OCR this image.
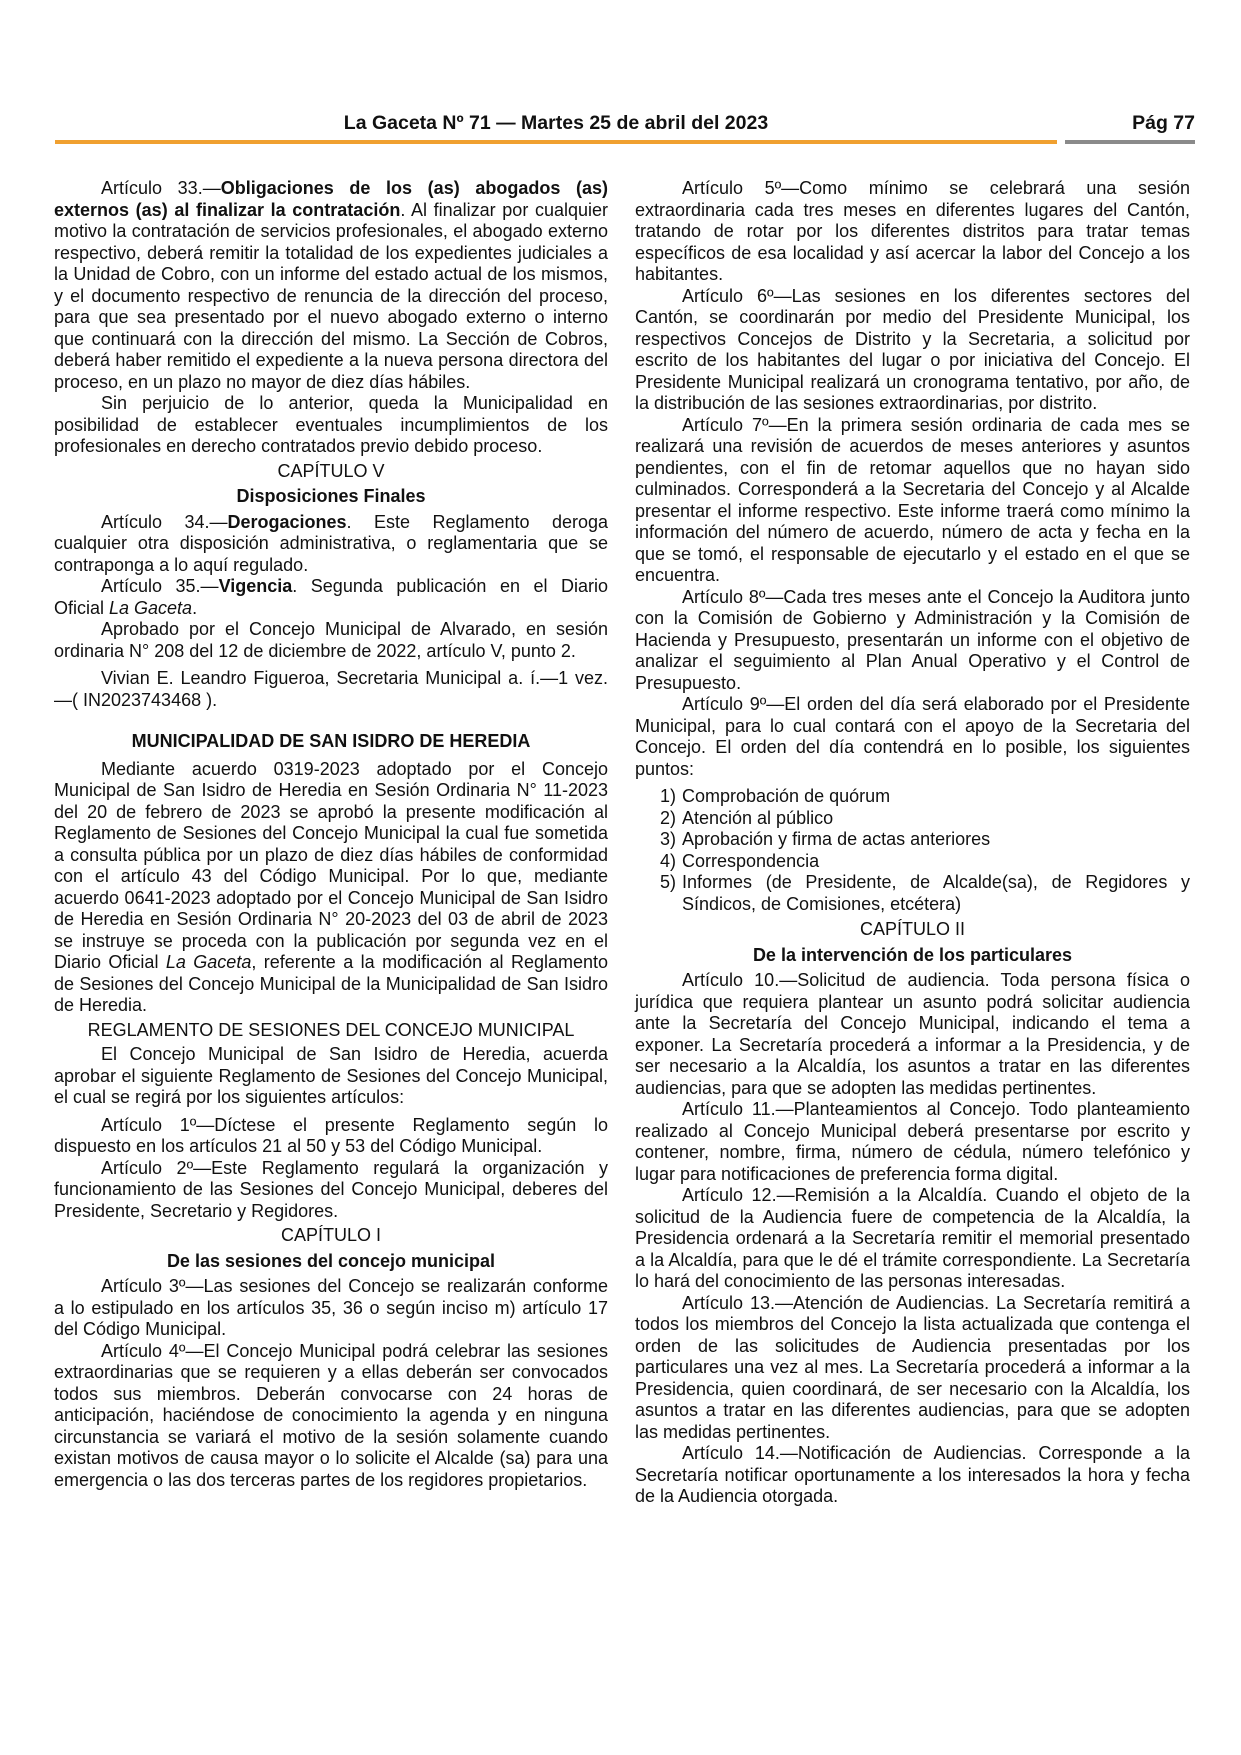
La Gaceta Nº 71 — Martes 25 de abril del 2023	Pág 77

Artículo 33.—Obligaciones de los (as) abogados (as) externos (as) al finalizar la contratación. Al finalizar por cualquier motivo la contratación de servicios profesionales, el abogado externo respectivo, deberá remitir la totalidad de los expedientes judiciales a la Unidad de Cobro, con un informe del estado actual de los mismos, y el documento respectivo de renuncia de la dirección del proceso, para que sea presentado por el nuevo abogado externo o interno que continuará con la dirección del mismo. La Sección de Cobros, deberá haber remitido el expediente a la nueva persona directora del proceso, en un plazo no mayor de diez días hábiles.

Sin perjuicio de lo anterior, queda la Municipalidad en posibilidad de establecer eventuales incumplimientos de los profesionales en derecho contratados previo debido proceso.

CAPÍTULO V

Disposiciones Finales

Artículo 34.—Derogaciones. Este Reglamento deroga cualquier otra disposición administrativa, o reglamentaria que se contraponga a lo aquí regulado.

Artículo 35.—Vigencia. Segunda publicación en el Diario Oficial La Gaceta.

Aprobado por el Concejo Municipal de Alvarado, en sesión ordinaria N° 208 del 12 de diciembre de 2022, artículo V, punto 2.

Vivian E. Leandro Figueroa, Secretaria Municipal a. í.—1 vez.—( IN2023743468 ).

MUNICIPALIDAD DE SAN ISIDRO DE HEREDIA

Mediante acuerdo 0319-2023 adoptado por el Concejo Municipal de San Isidro de Heredia en Sesión Ordinaria N° 11-2023 del 20 de febrero de 2023 se aprobó la presente modificación al Reglamento de Sesiones del Concejo Municipal la cual fue sometida a consulta pública por un plazo de diez días hábiles de conformidad con el artículo 43 del Código Municipal. Por lo que, mediante acuerdo 0641-2023 adoptado por el Concejo Municipal de San Isidro de Heredia en Sesión Ordinaria N° 20-2023 del 03 de abril de 2023 se instruye se proceda con la publicación por segunda vez en el Diario Oficial La Gaceta, referente a la modificación al Reglamento de Sesiones del Concejo Municipal de la Municipalidad de San Isidro de Heredia.

REGLAMENTO DE SESIONES DEL CONCEJO MUNICIPAL

El Concejo Municipal de San Isidro de Heredia, acuerda aprobar el siguiente Reglamento de Sesiones del Concejo Municipal, el cual se regirá por los siguientes artículos:

Artículo 1º—Díctese el presente Reglamento según lo dispuesto en los artículos 21 al 50 y 53 del Código Municipal.

Artículo 2º—Este Reglamento regulará la organización y funcionamiento de las Sesiones del Concejo Municipal, deberes del Presidente, Secretario y Regidores.

CAPÍTULO I

De las sesiones del concejo municipal

Artículo 3º—Las sesiones del Concejo se realizarán conforme a lo estipulado en los artículos 35, 36 o según inciso m) artículo 17 del Código Municipal.

Artículo 4º—El Concejo Municipal podrá celebrar las sesiones extraordinarias que se requieren y a ellas deberán ser convocados todos sus miembros. Deberán convocarse con 24 horas de anticipación, haciéndose de conocimiento la agenda y en ninguna circunstancia se variará el motivo de la sesión solamente cuando existan motivos de causa mayor o lo solicite el Alcalde (sa) para una emergencia o las dos terceras partes de los regidores propietarios.

Artículo 5º—Como mínimo se celebrará una sesión extraordinaria cada tres meses en diferentes lugares del Cantón, tratando de rotar por los diferentes distritos para tratar temas específicos de esa localidad y así acercar la labor del Concejo a los habitantes.

Artículo 6º—Las sesiones en los diferentes sectores del Cantón, se coordinarán por medio del Presidente Municipal, los respectivos Concejos de Distrito y la Secretaria, a solicitud por escrito de los habitantes del lugar o por iniciativa del Concejo. El Presidente Municipal realizará un cronograma tentativo, por año, de la distribución de las sesiones extraordinarias, por distrito.

Artículo 7º—En la primera sesión ordinaria de cada mes se realizará una revisión de acuerdos de meses anteriores y asuntos pendientes, con el fin de retomar aquellos que no hayan sido culminados. Corresponderá a la Secretaria del Concejo y al Alcalde presentar el informe respectivo. Este informe traerá como mínimo la información del número de acuerdo, número de acta y fecha en la que se tomó, el responsable de ejecutarlo y el estado en el que se encuentra.

Artículo 8º—Cada tres meses ante el Concejo la Auditora junto con la Comisión de Gobierno y Administración y la Comisión de Hacienda y Presupuesto, presentarán un informe con el objetivo de analizar el seguimiento al Plan Anual Operativo y el Control de Presupuesto.

Artículo 9º—El orden del día será elaborado por el Presidente Municipal, para lo cual contará con el apoyo de la Secretaria del Concejo. El orden del día contendrá en lo posible, los siguientes puntos:

1) Comprobación de quórum
2) Atención al público
3) Aprobación y firma de actas anteriores
4) Correspondencia
5) Informes (de Presidente, de Alcalde(sa), de Regidores y Síndicos, de Comisiones, etcétera)

CAPÍTULO II

De la intervención de los particulares

Artículo 10.—Solicitud de audiencia. Toda persona física o jurídica que requiera plantear un asunto podrá solicitar audiencia ante la Secretaría del Concejo Municipal, indicando el tema a exponer. La Secretaría procederá a informar a la Presidencia, y de ser necesario a la Alcaldía, los asuntos a tratar en las diferentes audiencias, para que se adopten las medidas pertinentes.

Artículo 11.—Planteamientos al Concejo. Todo planteamiento realizado al Concejo Municipal deberá presentarse por escrito y contener, nombre, firma, número de cédula, número telefónico y lugar para notificaciones de preferencia forma digital.

Artículo 12.—Remisión a la Alcaldía. Cuando el objeto de la solicitud de la Audiencia fuere de competencia de la Alcaldía, la Presidencia ordenará a la Secretaría remitir el memorial presentado a la Alcaldía, para que le dé el trámite correspondiente. La Secretaría lo hará del conocimiento de las personas interesadas.

Artículo 13.—Atención de Audiencias. La Secretaría remitirá a todos los miembros del Concejo la lista actualizada que contenga el orden de las solicitudes de Audiencia presentadas por los particulares una vez al mes. La Secretaría procederá a informar a la Presidencia, quien coordinará, de ser necesario con la Alcaldía, los asuntos a tratar en las diferentes audiencias, para que se adopten las medidas pertinentes.

Artículo 14.—Notificación de Audiencias. Corresponde a la Secretaría notificar oportunamente a los interesados la hora y fecha de la Audiencia otorgada.
